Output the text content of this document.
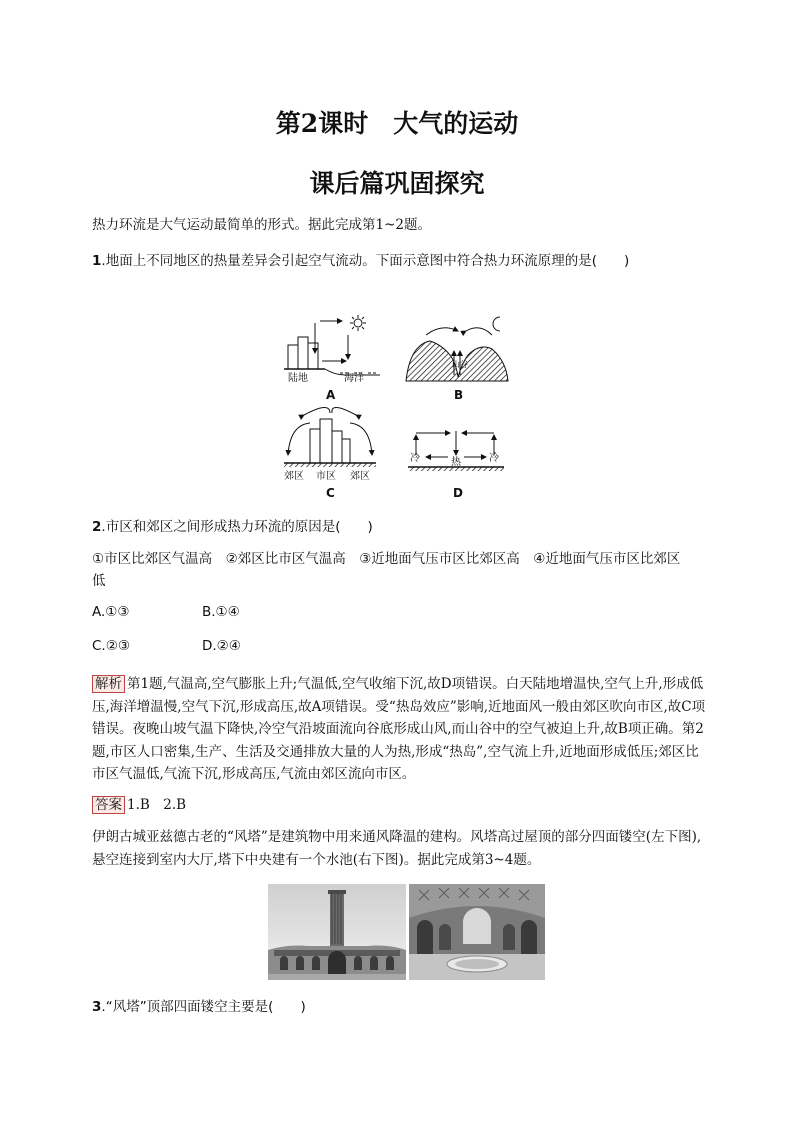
第2课时　大气的运动
课后篇巩固探究
热力环流是大气运动最简单的形式。据此完成第1~2题。
1.地面上不同地区的热量差异会引起空气流动。下面示意图中符合热力环流原理的是(　　)
陆地	海洋
A
山谷
B
郊区 市区 郊区
C
冷	热	冷
D
2.市区和郊区之间形成热力环流的原因是(　　)
①市区比郊区气温高　②郊区比市区气温高　③近地面气压市区比郊区高　④近地面气压市区比郊区低
A.①③	B.①④
C.②③	D.②④
解析 第1题,气温高,空气膨胀上升;气温低,空气收缩下沉,故D项错误。白天陆地增温快,空气上升,形成低压,海洋增温慢,空气下沉,形成高压,故A项错误。受“热岛效应”影响,近地面风一般由郊区吹向市区,故C项错误。夜晚山坡气温下降快,冷空气沿坡面流向谷底形成山风,而山谷中的空气被迫上升,故B项正确。第2题,市区人口密集,生产、生活及交通排放大量的人为热,形成“热岛”,空气流上升,近地面形成低压;郊区比市区气温低,气流下沉,形成高压,气流由郊区流向市区。
答案 1.B　2.B
伊朗古城亚兹德古老的“风塔”是建筑物中用来通风降温的建构。风塔高过屋顶的部分四面镂空(左下图),悬空连接到室内大厅,塔下中央建有一个水池(右下图)。据此完成第3~4题。
3.“风塔”顶部四面镂空主要是(　　)
